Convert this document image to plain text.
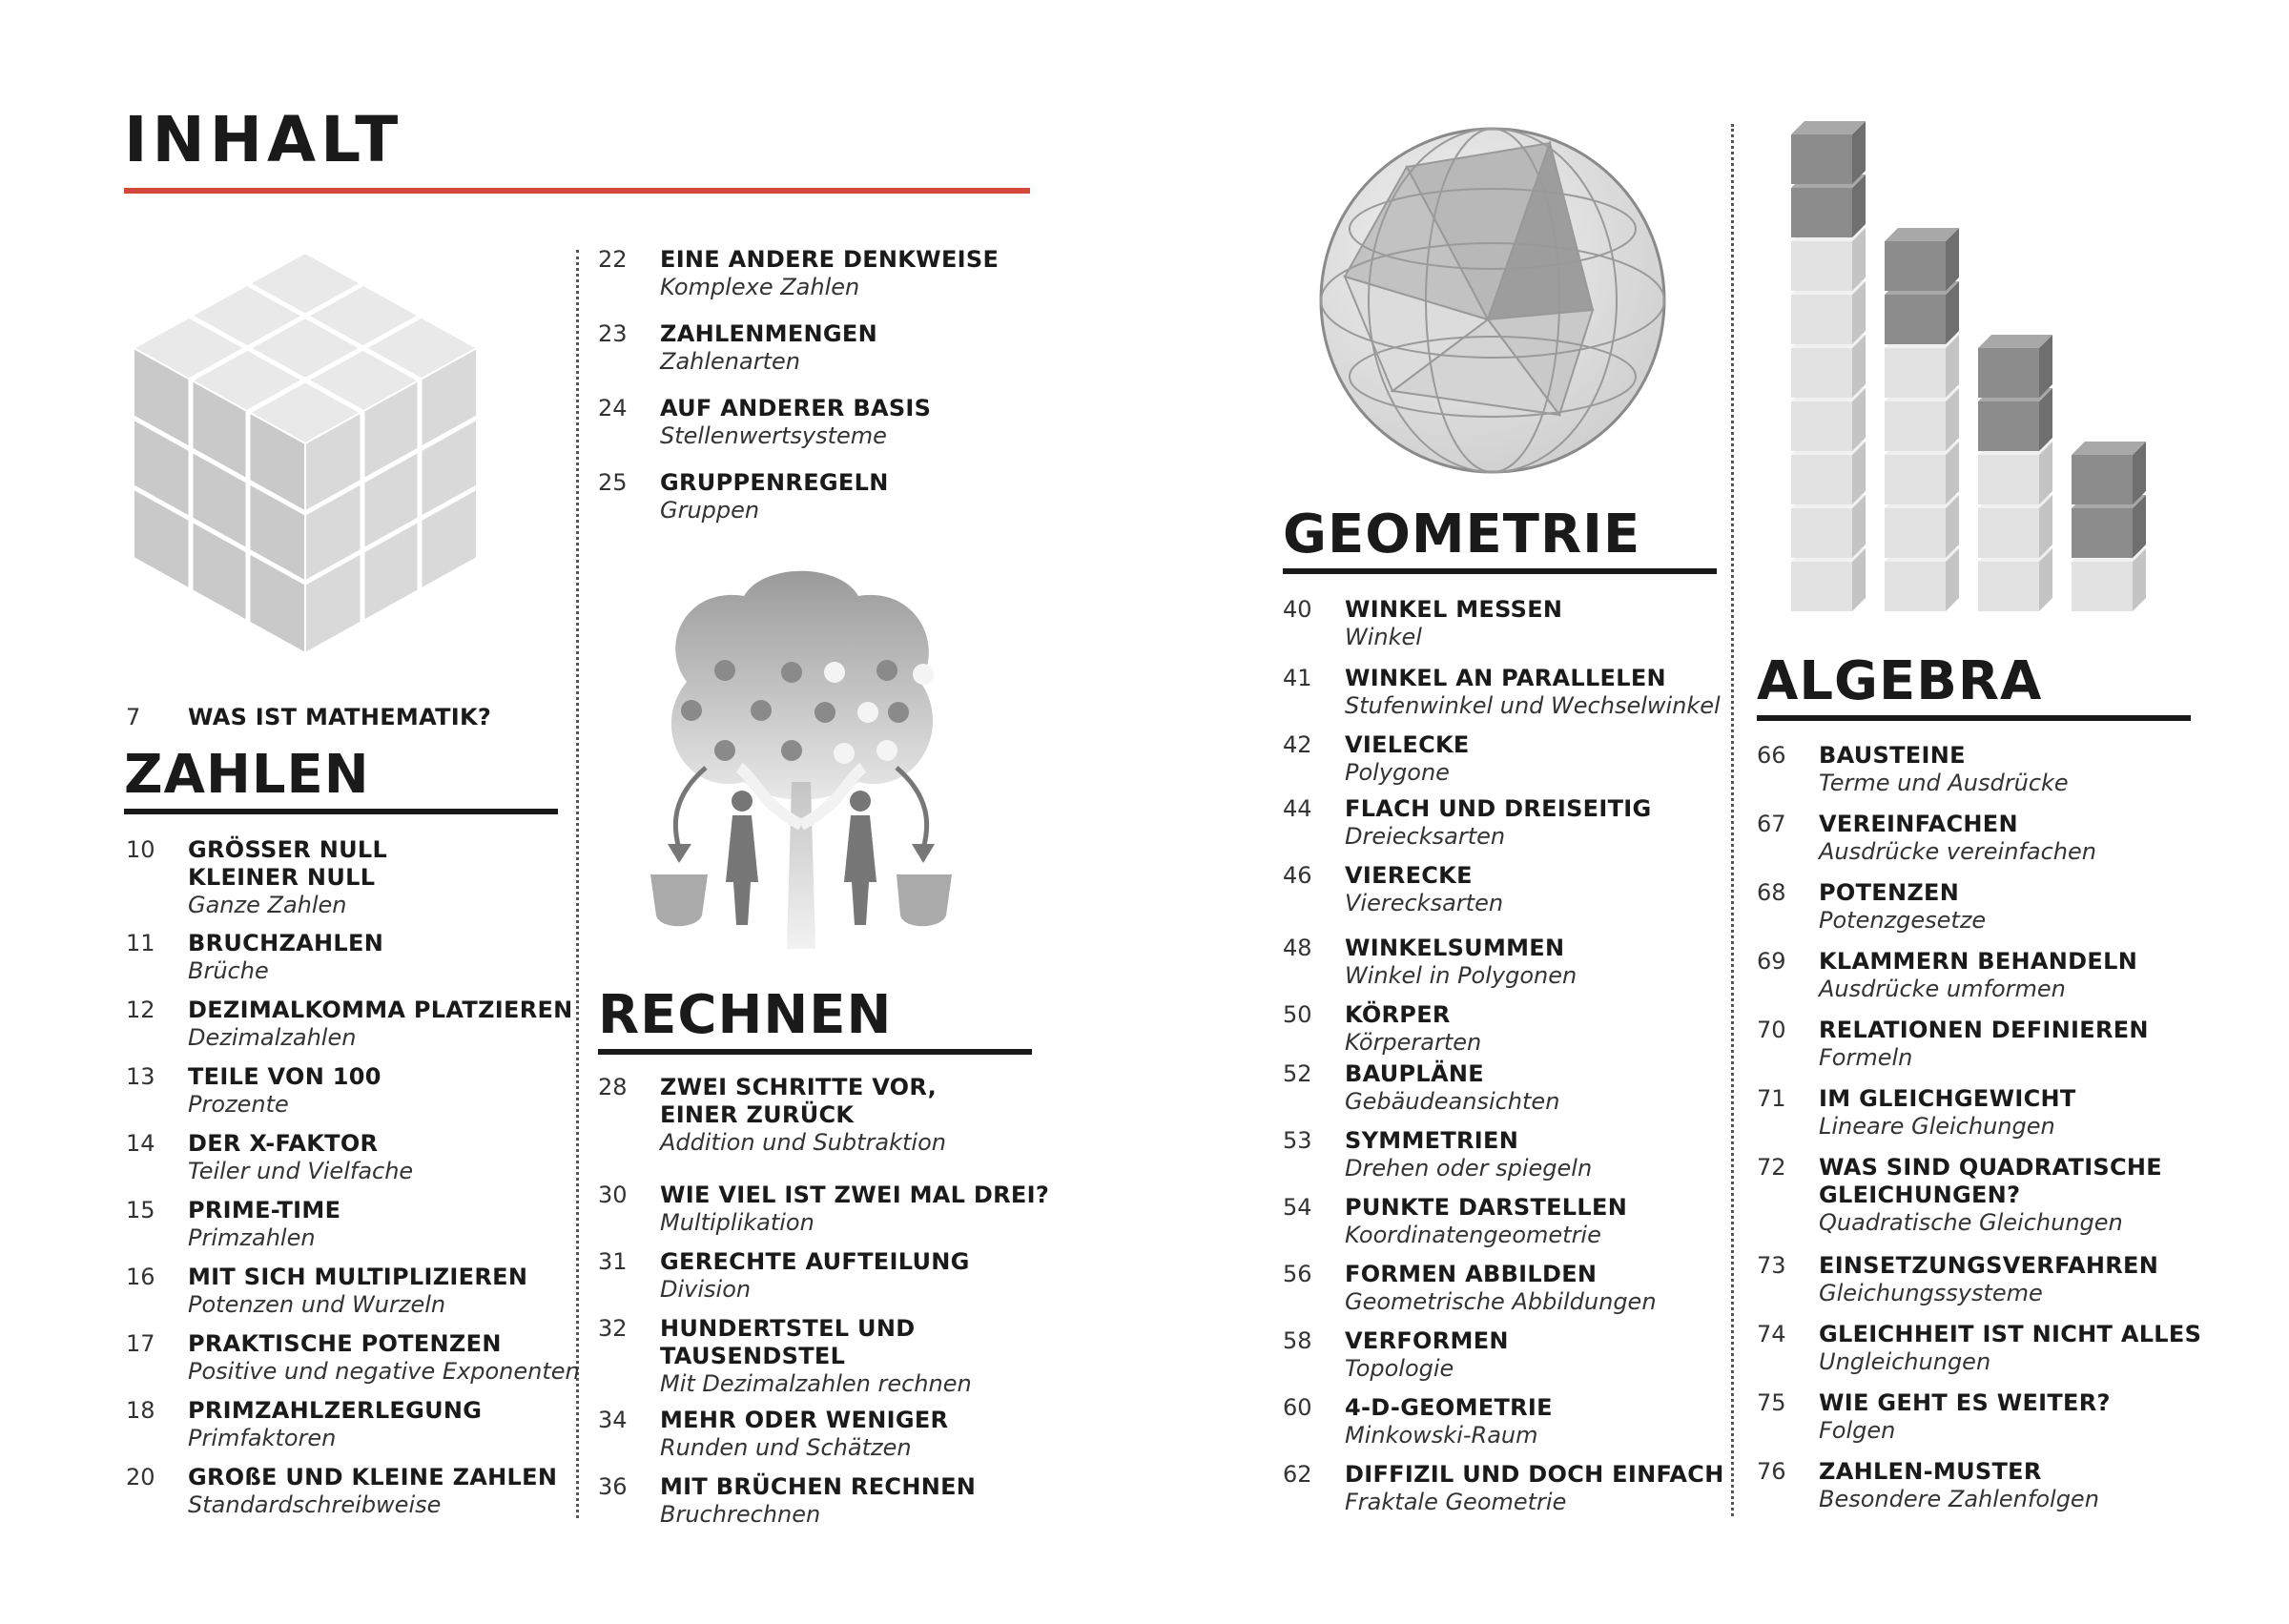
INHALT
7 WAS IST MATHEMATIK?
ZAHLEN
10 GRÖSSER NULL
KLEINER NULL
Ganze Zahlen
11 BRUCHZAHLEN
Brüche
12 DEZIMALKOMMA PLATZIEREN
Dezimalzahlen
13 TEILE VON 100
Prozente
14 DER X-FAKTOR
Teiler und Vielfache
15 PRIME-TIME
Primzahlen
16 MIT SICH MULTIPLIZIEREN
Potenzen und Wurzeln
17 PRAKTISCHE POTENZEN
Positive und negative Exponenten
18 PRIMZAHLZERLEGUNG
Primfaktoren
20 GROßE UND KLEINE ZAHLEN
Standardschreibweise
22 EINE ANDERE DENKWEISE
Komplexe Zahlen
23 ZAHLENMENGEN
Zahlenarten
24 AUF ANDERER BASIS
Stellenwertsysteme
25 GRUPPENREGELN
Gruppen
RECHNEN
28 ZWEI SCHRITTE VOR,
EINER ZURÜCK
Addition und Subtraktion
30 WIE VIEL IST ZWEI MAL DREI?
Multiplikation
31 GERECHTE AUFTEILUNG
Division
32 HUNDERTSTEL UND
TAUSENDSTEL
Mit Dezimalzahlen rechnen
34 MEHR ODER WENIGER
Runden und Schätzen
36 MIT BRÜCHEN RECHNEN
Bruchrechnen
GEOMETRIE
40 WINKEL MESSEN
Winkel
41 WINKEL AN PARALLELEN
Stufenwinkel und Wechselwinkel
42 VIELECKE
Polygone
44 FLACH UND DREISEITIG
Dreiecksarten
46 VIERECKE
Vierecksarten
48 WINKELSUMMEN
Winkel in Polygonen
50 KÖRPER
Körperarten
52 BAUPLÄNE
Gebäudeansichten
53 SYMMETRIEN
Drehen oder spiegeln
54 PUNKTE DARSTELLEN
Koordinatengeometrie
56 FORMEN ABBILDEN
Geometrische Abbildungen
58 VERFORMEN
Topologie
60 4-D-GEOMETRIE
Minkowski-Raum
62 DIFFIZIL UND DOCH EINFACH
Fraktale Geometrie
ALGEBRA
66 BAUSTEINE
Terme und Ausdrücke
67 VEREINFACHEN
Ausdrücke vereinfachen
68 POTENZEN
Potenzgesetze
69 KLAMMERN BEHANDELN
Ausdrücke umformen
70 RELATIONEN DEFINIEREN
Formeln
71 IM GLEICHGEWICHT
Lineare Gleichungen
72 WAS SIND QUADRATISCHE
GLEICHUNGEN?
Quadratische Gleichungen
73 EINSETZUNGSVERFAHREN
Gleichungssysteme
74 GLEICHHEIT IST NICHT ALLES
Ungleichungen
75 WIE GEHT ES WEITER?
Folgen
76 ZAHLEN-MUSTER
Besondere Zahlenfolgen
